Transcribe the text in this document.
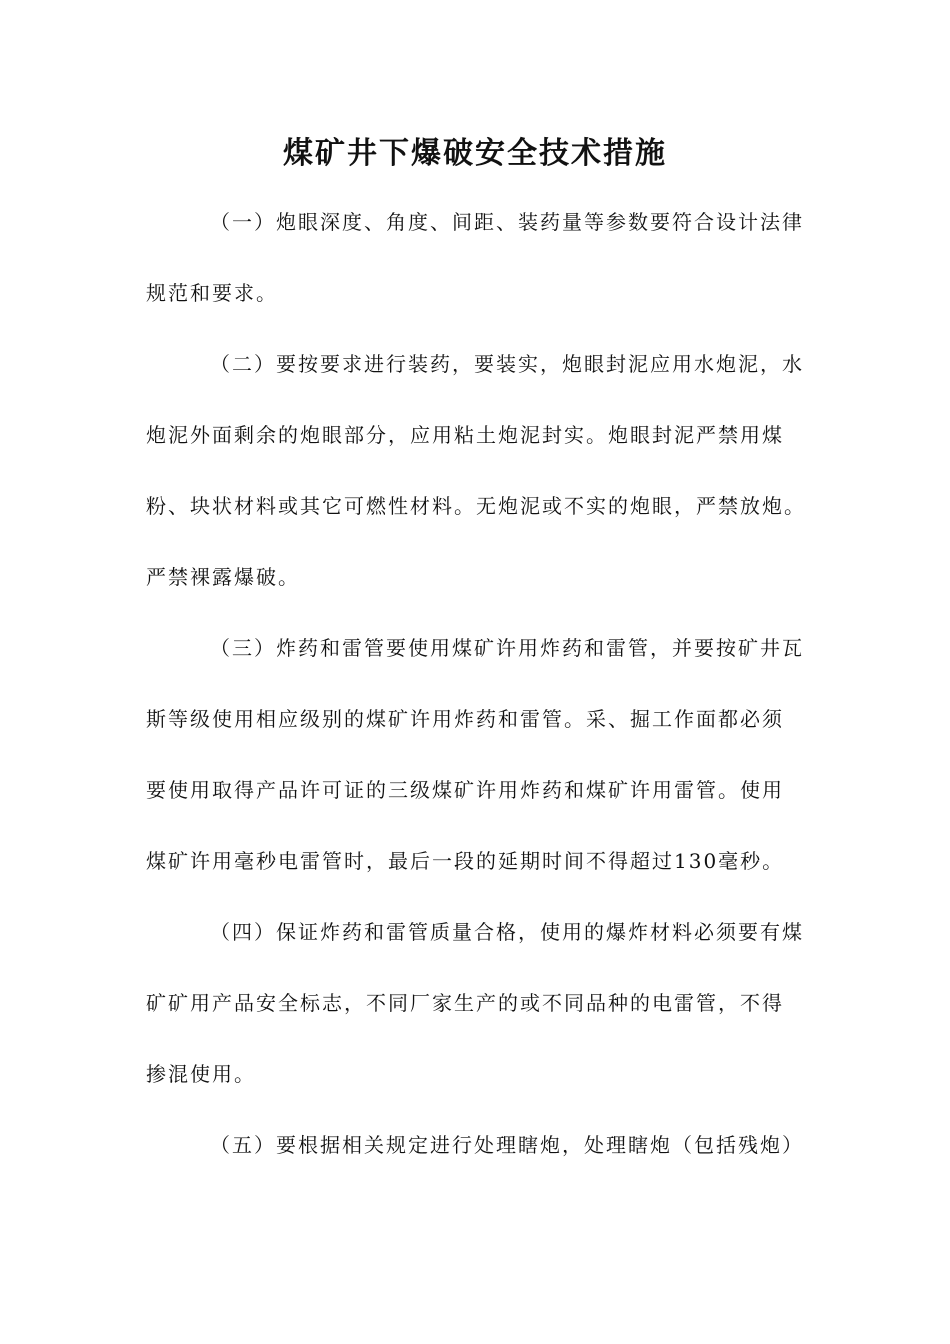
煤矿井下爆破安全技术措施
（一）炮眼深度、角度、间距、装药量等参数要符合设计法律
规范和要求。
（二）要按要求进行装药，要装实，炮眼封泥应用水炮泥，水
炮泥外面剩余的炮眼部分，应用粘土炮泥封实。炮眼封泥严禁用煤
粉、块状材料或其它可燃性材料。无炮泥或不实的炮眼，严禁放炮。
严禁裸露爆破。
（三）炸药和雷管要使用煤矿许用炸药和雷管，并要按矿井瓦
斯等级使用相应级别的煤矿许用炸药和雷管。采、掘工作面都必须
要使用取得产品许可证的三级煤矿许用炸药和煤矿许用雷管。使用
煤矿许用毫秒电雷管时，最后一段的延期时间不得超过130毫秒。
（四）保证炸药和雷管质量合格，使用的爆炸材料必须要有煤
矿矿用产品安全标志，不同厂家生产的或不同品种的电雷管，不得
掺混使用。
（五）要根据相关规定进行处理瞎炮，处理瞎炮（包括残炮）
